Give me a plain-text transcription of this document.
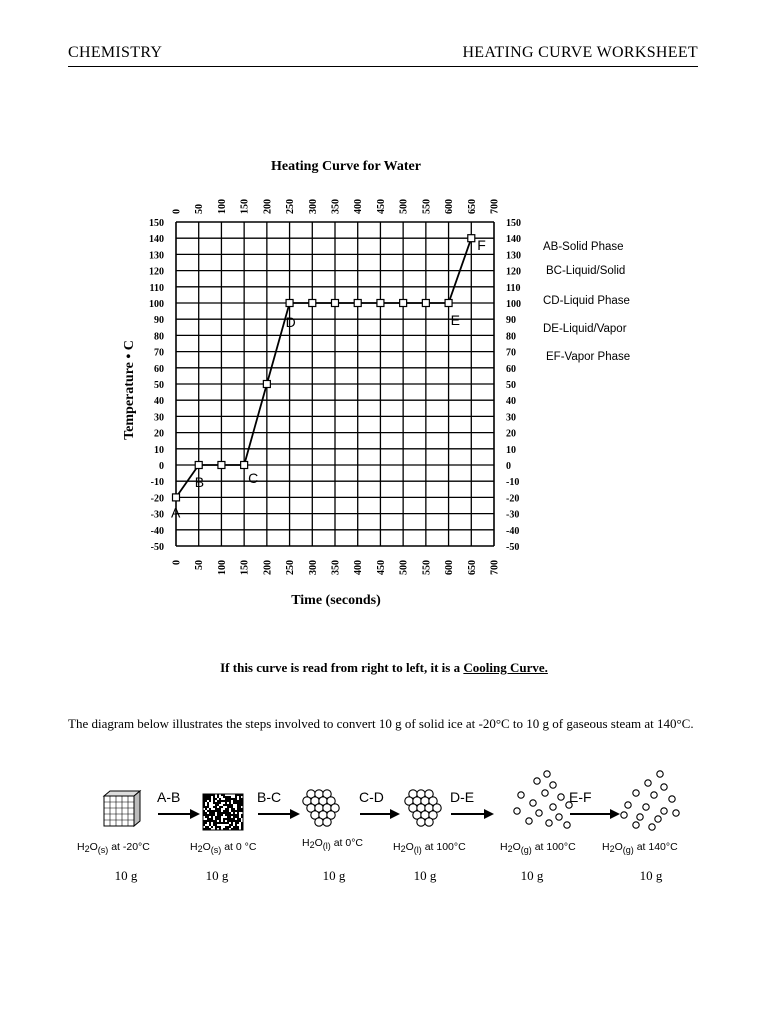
CHEMISTRY	HEATING CURVE WORKSHEET
Heating Curve for Water
Time (seconds)
Temperature • C
150	150
140	140
130	130
120	120
110	110
100	100
90	90
80	80
70	70
60	60
50	50
40	40
30	30
20	20
10	10
0	0
-10	-10
-20	-20
-30	-30
-40	-40
-50	-50
0
0
50
50
100
100
150
150
200
200
250
250
300
300
350
350
400
400
450
450
500
500
550
550
600
600
650
650
700
700
A
B	C
D	E
F	AB-Solid Phase
BC-Liquid/Solid
CD-Liquid Phase
DE-Liquid/Vapor
EF-Vapor Phase
If this curve is read from right to left, it is a Cooling Curve.
The diagram below illustrates the steps involved to convert 10 g of solid ice at -20°C to 10 g of gaseous steam at 140°C.
A-B	B-C	C-D	D-E	E-F
H2O(s) at -20°C	H2O(s) at 0 °C	H2O(l) at 0°C	H2O(l) at 100°C	H2O(g) at 100°C	H2O(g) at 140°C
10 g	10 g	10 g	10 g	10 g	10 g
